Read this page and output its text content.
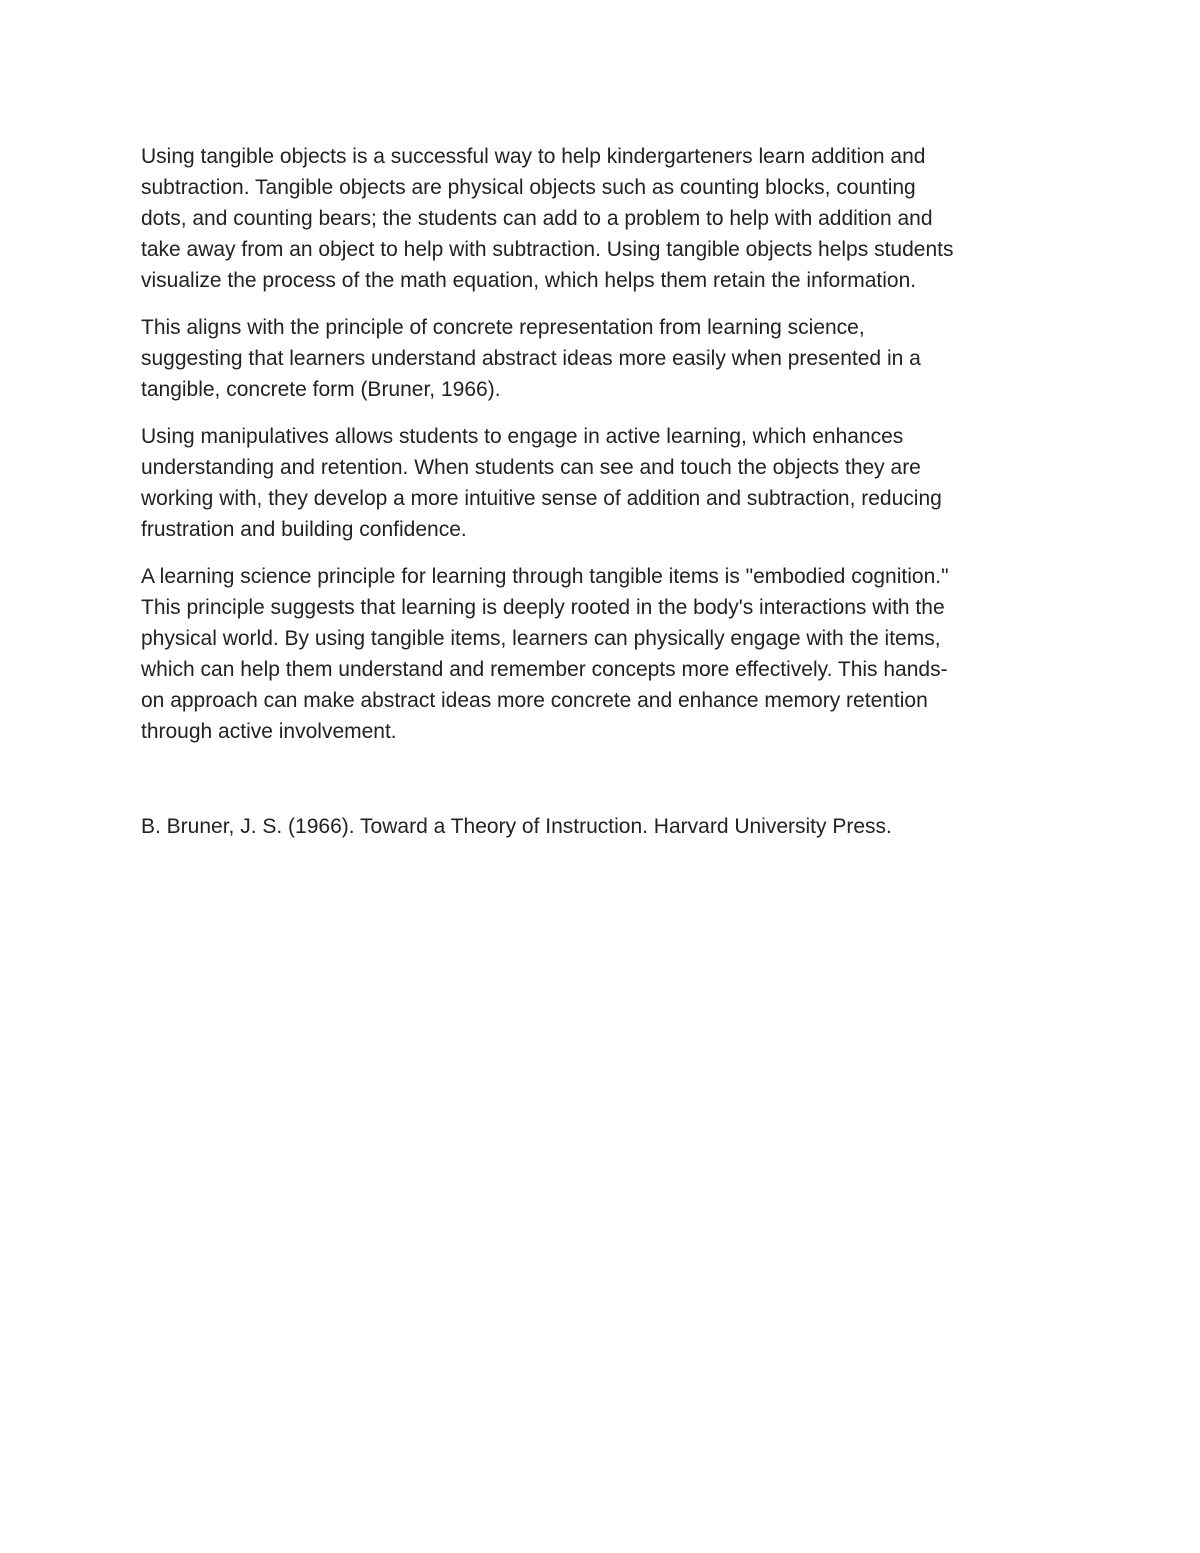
Using tangible objects is a successful way to help kindergarteners learn addition and
subtraction. Tangible objects are physical objects such as counting blocks, counting
dots, and counting bears; the students can add to a problem to help with addition and
take away from an object to help with subtraction. Using tangible objects helps students
visualize the process of the math equation, which helps them retain the information.

This aligns with the principle of concrete representation from learning science,
suggesting that learners understand abstract ideas more easily when presented in a
tangible, concrete form (Bruner, 1966).

Using manipulatives allows students to engage in active learning, which enhances
understanding and retention. When students can see and touch the objects they are
working with, they develop a more intuitive sense of addition and subtraction, reducing
frustration and building confidence.

A learning science principle for learning through tangible items is "embodied cognition."
This principle suggests that learning is deeply rooted in the body's interactions with the
physical world. By using tangible items, learners can physically engage with the items,
which can help them understand and remember concepts more effectively. This hands-
on approach can make abstract ideas more concrete and enhance memory retention
through active involvement.

B. Bruner, J. S. (1966). Toward a Theory of Instruction. Harvard University Press.
